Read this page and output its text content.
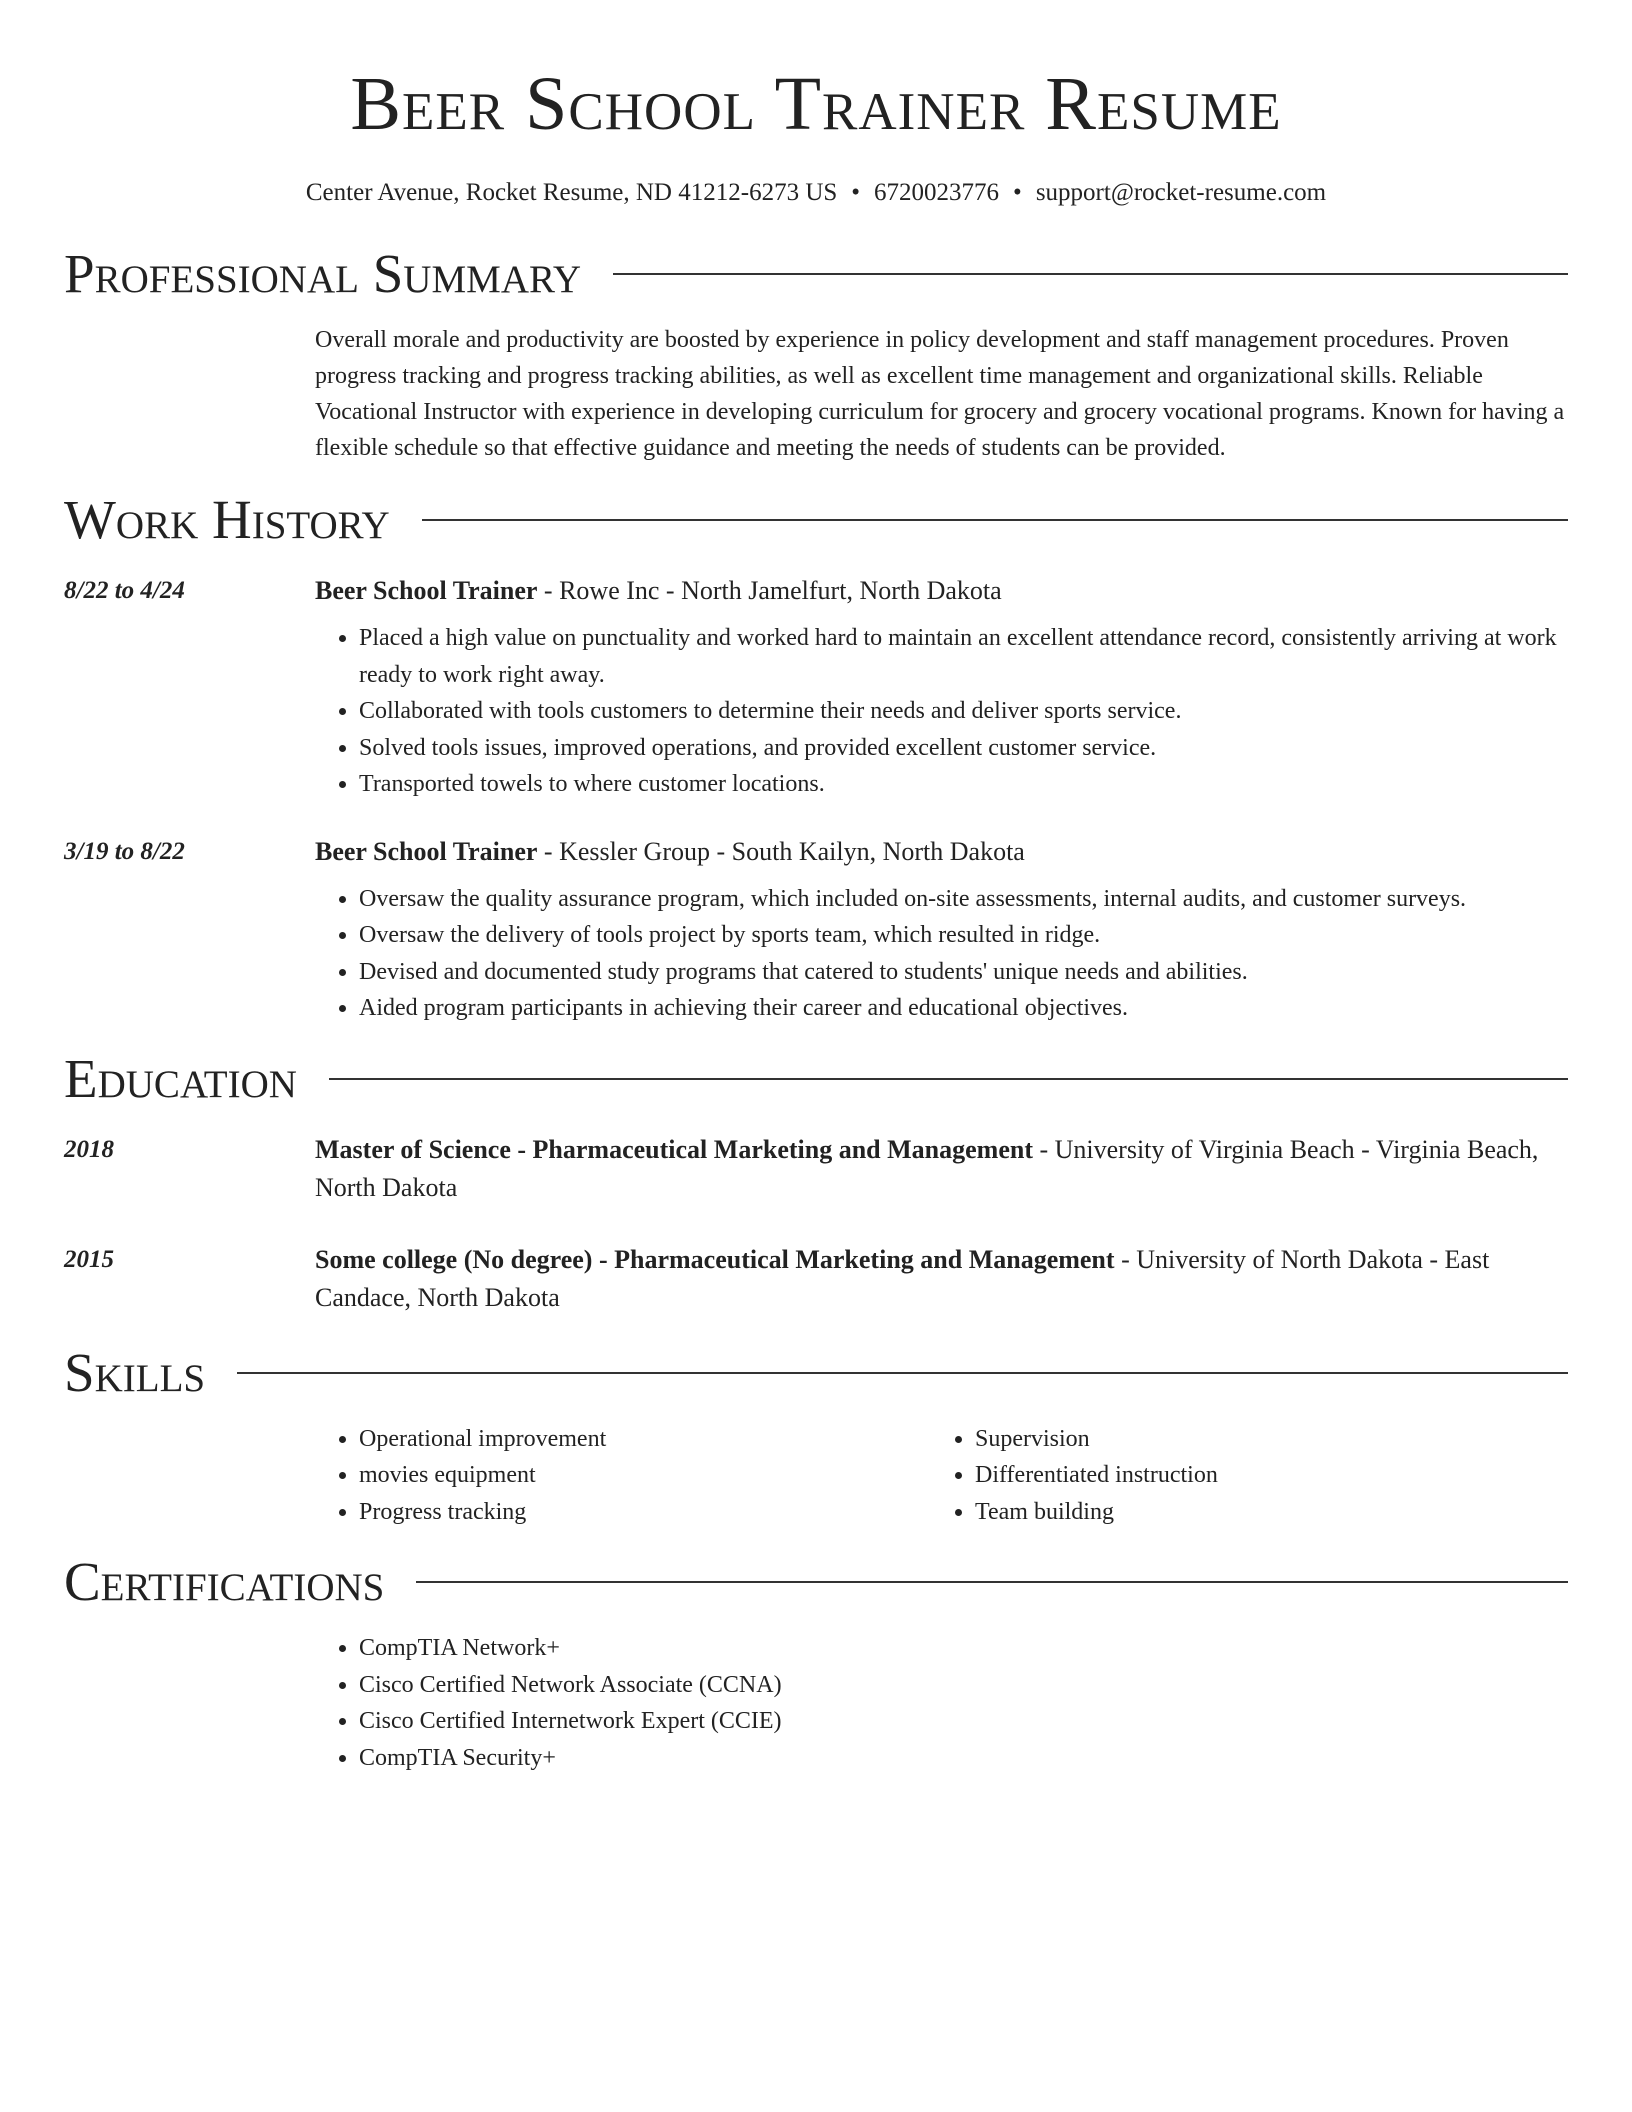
Beer School Trainer Resume
Center Avenue, Rocket Resume, ND 41212-6273 US • 6720023776 • support@rocket-resume.com
Professional Summary
Overall morale and productivity are boosted by experience in policy development and staff management procedures. Proven progress tracking and progress tracking abilities, as well as excellent time management and organizational skills. Reliable Vocational Instructor with experience in developing curriculum for grocery and grocery vocational programs. Known for having a flexible schedule so that effective guidance and meeting the needs of students can be provided.
Work History
8/22 to 4/24	Beer School Trainer - Rowe Inc - North Jamelfurt, North Dakota
• Placed a high value on punctuality and worked hard to maintain an excellent attendance record, consistently arriving at work ready to work right away.
• Collaborated with tools customers to determine their needs and deliver sports service.
• Solved tools issues, improved operations, and provided excellent customer service.
• Transported towels to where customer locations.
3/19 to 8/22	Beer School Trainer - Kessler Group - South Kailyn, North Dakota
• Oversaw the quality assurance program, which included on-site assessments, internal audits, and customer surveys.
• Oversaw the delivery of tools project by sports team, which resulted in ridge.
• Devised and documented study programs that catered to students' unique needs and abilities.
• Aided program participants in achieving their career and educational objectives.
Education
2018	Master of Science - Pharmaceutical Marketing and Management - University of Virginia Beach - Virginia Beach, North Dakota
2015	Some college (No degree) - Pharmaceutical Marketing and Management - University of North Dakota - East Candace, North Dakota
Skills
• Operational improvement
• movies equipment
• Progress tracking
• Supervision
• Differentiated instruction
• Team building
Certifications
• CompTIA Network+
• Cisco Certified Network Associate (CCNA)
• Cisco Certified Internetwork Expert (CCIE)
• CompTIA Security+
